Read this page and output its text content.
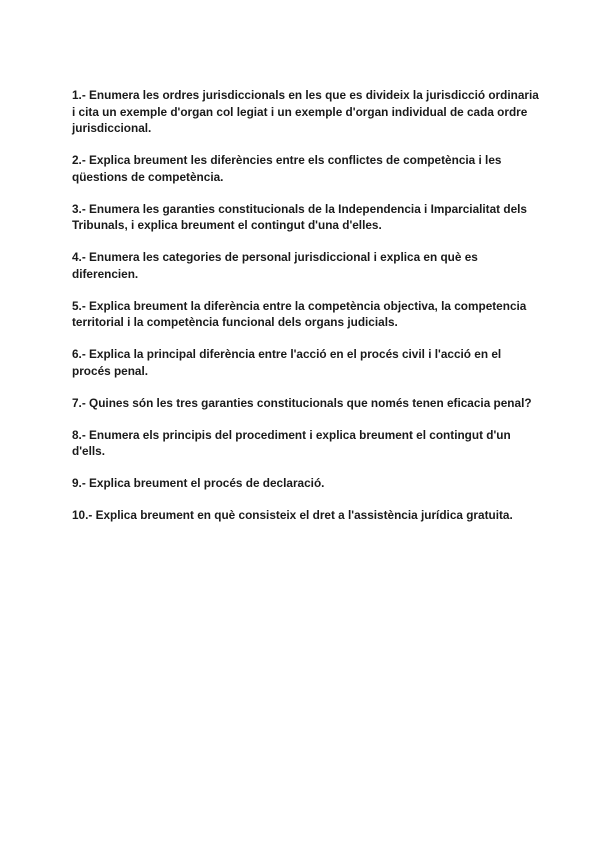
1.- Enumera les ordres jurisdiccionals en les que es divideix la jurisdicció ordinaria i cita un exemple d'organ col legiat i un exemple d'organ individual de cada ordre jurisdiccional.
2.- Explica breument les diferències entre els conflictes de competència i les qüestions de competència.
3.- Enumera les garanties constitucionals de la Independencia i Imparcialitat dels Tribunals, i explica breument el contingut d'una d'elles.
4.- Enumera les categories de personal jurisdiccional i explica en què es diferencien.
5.- Explica breument la diferència entre la competència objectiva, la competencia territorial i la competència funcional dels organs judicials.
6.- Explica la principal diferència entre l'acció en el procés civil i l'acció en el procés penal.
7.- Quines són les tres garanties constitucionals que només tenen eficacia penal?
8.- Enumera els principis del procediment i explica breument el contingut d'un d'ells.
9.- Explica breument el procés de declaració.
10.- Explica breument en què consisteix el dret a l'assistència jurídica gratuita.
